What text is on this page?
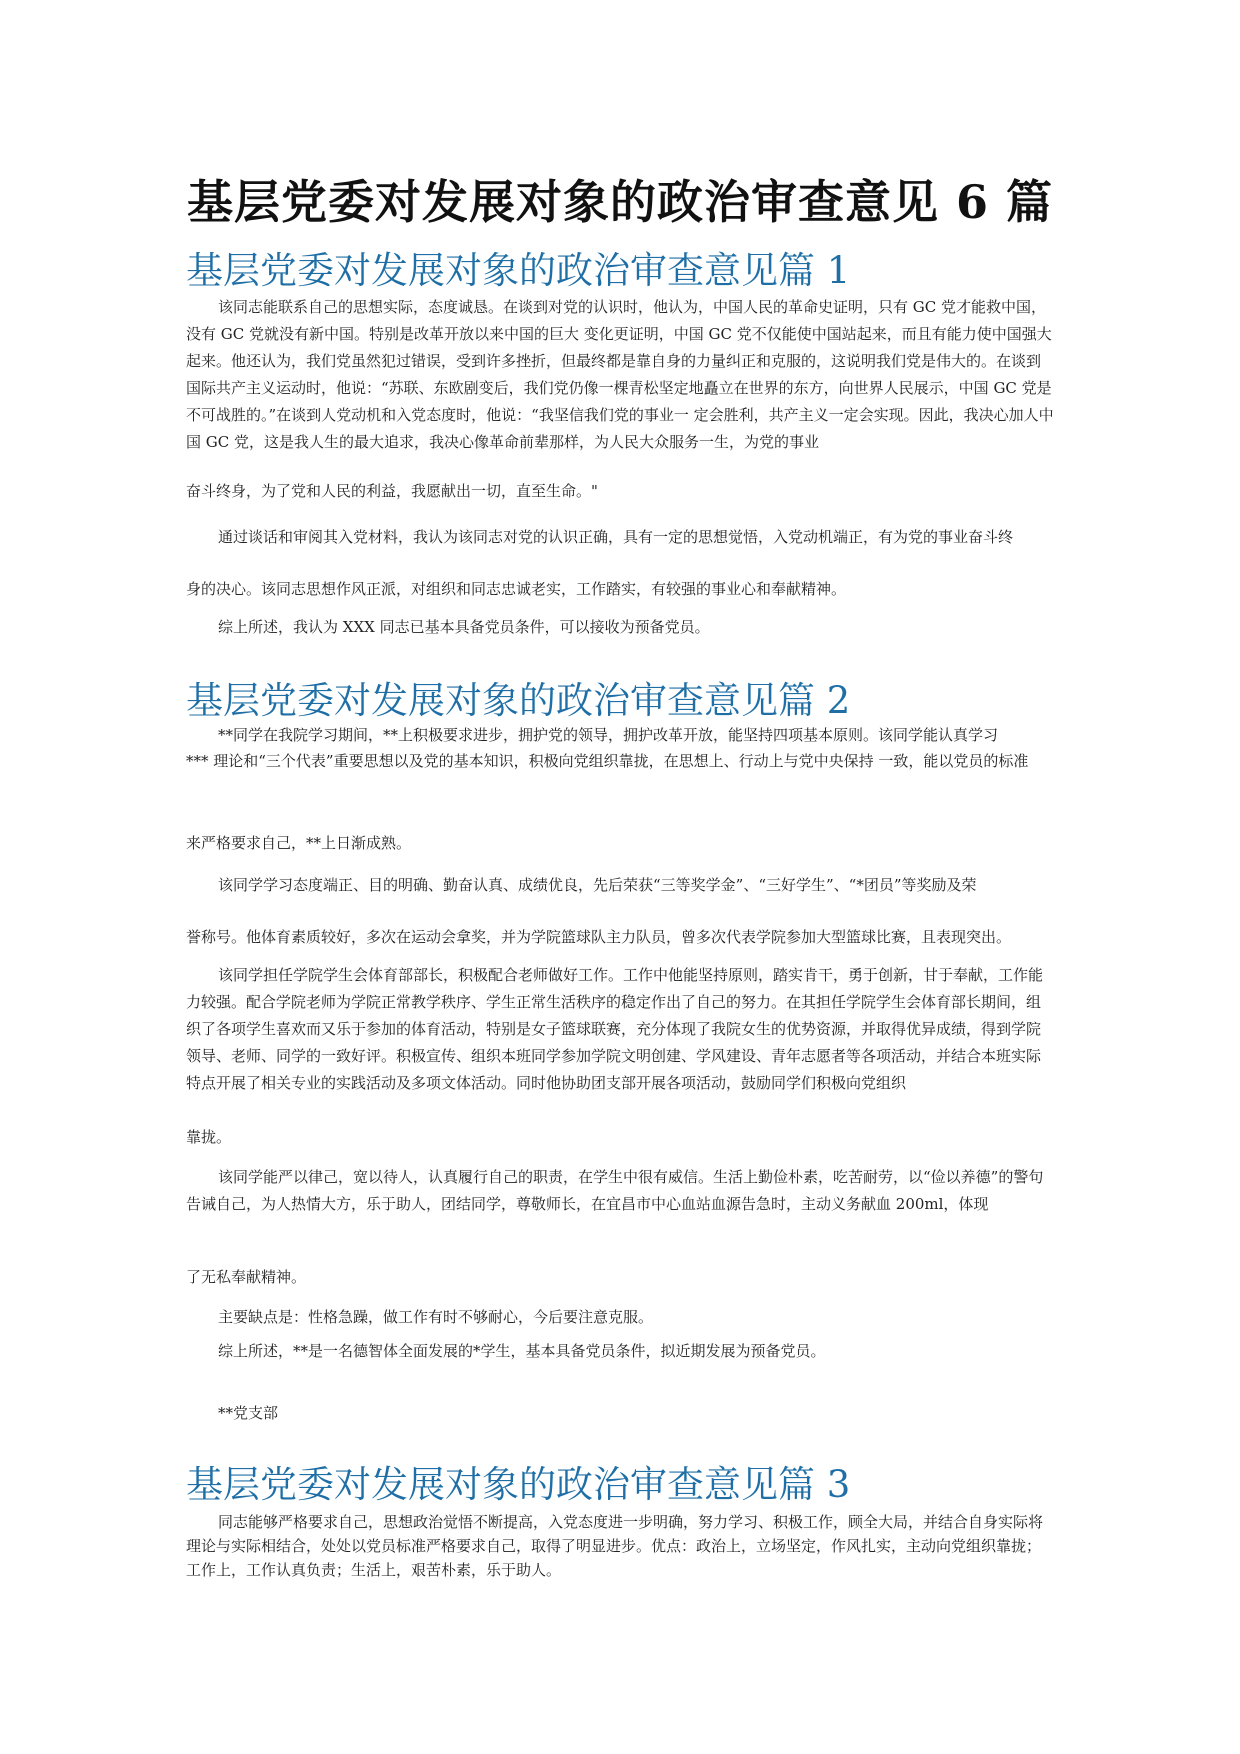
基层党委对发展对象的政治审查意见 6 篇
基层党委对发展对象的政治审查意见篇 1

该同志能联系自己的思想实际，态度诚恳。在谈到对党的认识时，他认为，中国人民的革命史证明，只有 GC 党才能救中国，没有 GC 党就没有新中国。特别是改革开放以来中国的巨大 变化更证明，中国 GC 党不仅能使中国站起来，而且有能力使中国强大起来。他还认为，我们党虽然犯过错误，受到许多挫折，但最终都是靠自身的力量纠正和克服的，这说明我们党是伟大的。在谈到国际共产主义运动时，他说：“苏联、东欧剧变后，我们党仍像一棵青松坚定地矗立在世界的东方，向世界人民展示，中国 GC 党是不可战胜的。”在谈到人党动机和入党态度时，他说：“我坚信我们党的事业一 定会胜利，共产主义一定会实现。因此，我决心加人中国 GC 党，这是我人生的最大追求，我决心像革命前辈那样，为人民大众服务一生，为党的事业

奋斗终身，为了党和人民的利益，我愿献出一切，直至生命。"

通过谈话和审阅其入党材料，我认为该同志对党的认识正确，具有一定的思想觉悟，入党动机端正，有为党的事业奋斗终

身的决心。该同志思想作风正派，对组织和同志忠诚老实，工作踏实，有较强的事业心和奉献精神。

综上所述，我认为 XXX 同志已基本具备党员条件，可以接收为预备党员。

基层党委对发展对象的政治审查意见篇 2

**同学在我院学习期间，**上积极要求进步，拥护党的领导，拥护改革开放，能坚持四项基本原则。该同学能认真学习

*** 理论和“三个代表”重要思想以及党的基本知识，积极向党组织靠拢，在思想上、行动上与党中央保持 一致，能以党员的标准

来严格要求自己，**上日渐成熟。

该同学学习态度端正、目的明确、勤奋认真、成绩优良，先后荣获“三等奖学金”、“三好学生”、“*团员”等奖励及荣

誉称号。他体育素质较好，多次在运动会拿奖，并为学院篮球队主力队员，曾多次代表学院参加大型篮球比赛，且表现突出。

该同学担任学院学生会体育部部长，积极配合老师做好工作。工作中他能坚持原则，踏实肯干，勇于创新，甘于奉献，工作能力较强。配合学院老师为学院正常教学秩序、学生正常生活秩序的稳定作出了自己的努力。在其担任学院学生会体育部长期间，组织了各项学生喜欢而又乐于参加的体育活动，特别是女子篮球联赛，充分体现了我院女生的优势资源，并取得优异成绩，得到学院领导、老师、同学的一致好评。积极宣传、组织本班同学参加学院文明创建、学风建设、青年志愿者等各项活动，并结合本班实际特点开展了相关专业的实践活动及多项文体活动。同时他协助团支部开展各项活动，鼓励同学们积极向党组织

靠拢。

该同学能严以律己，宽以待人，认真履行自己的职责，在学生中很有威信。生活上勤俭朴素，吃苦耐劳，以“俭以养德”的警句告诫自己，为人热情大方，乐于助人，团结同学，尊敬师长，在宜昌市中心血站血源告急时，主动义务献血 200ml，体现

了无私奉献精神。

主要缺点是：性格急躁，做工作有时不够耐心，今后要注意克服。

综上所述，**是一名德智体全面发展的*学生，基本具备党员条件，拟近期发展为预备党员。

**党支部

基层党委对发展对象的政治审查意见篇 3

同志能够严格要求自己，思想政治觉悟不断提高，入党态度进一步明确，努力学习、积极工作，顾全大局，并结合自身实际将理论与实际相结合，处处以党员标准严格要求自己，取得了明显进步。优点：政治上，立场坚定，作风扎实，主动向党组织靠拢；工作上，工作认真负责；生活上，艰苦朴素，乐于助人。
